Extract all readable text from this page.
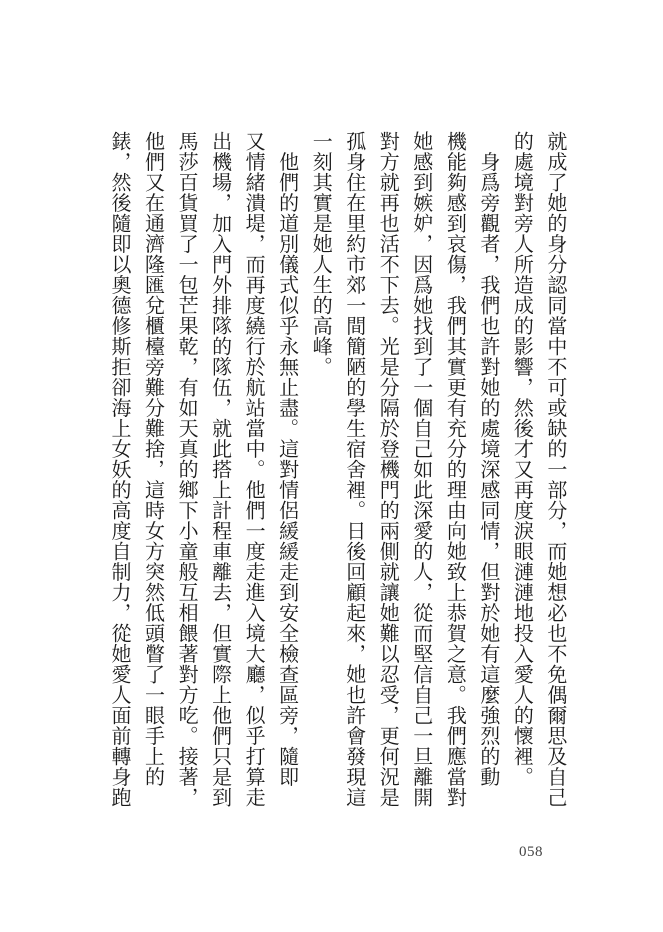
就成了她的身分認同當中不可或缺的一部分，而她想必也不免偶爾思及自己
的處境對旁人所造成的影響，然後才又再度淚眼漣漣地投入愛人的懷裡。
　身爲旁觀者，我們也許對她的處境深感同情，但對於她有這麼強烈的動
機能夠感到哀傷，我們其實更有充分的理由向她致上恭賀之意。我們應當對
她感到嫉妒，因爲她找到了一個自己如此深愛的人，從而堅信自己一旦離開
對方就再也活不下去。光是分隔於登機門的兩側就讓她難以忍受，更何況是
孤身住在里約市郊一間簡陋的學生宿舍裡。日後回顧起來，她也許會發現這
一刻其實是她人生的高峰。
　他們的道別儀式似乎永無止盡。這對情侶緩緩走到安全檢查區旁，隨即
又情緒潰堤，而再度繞行於航站當中。他們一度走進入境大廳，似乎打算走
出機場，加入門外排隊的隊伍，就此搭上計程車離去，但實際上他們只是到
馬莎百貨買了一包芒果乾，有如天真的鄉下小童般互相餵著對方吃。接著，
他們又在通濟隆匯兌櫃檯旁難分難捨，這時女方突然低頭瞥了一眼手上的
錶，然後隨即以奧德修斯拒卻海上女妖的高度自制力，從她愛人面前轉身跑
058
